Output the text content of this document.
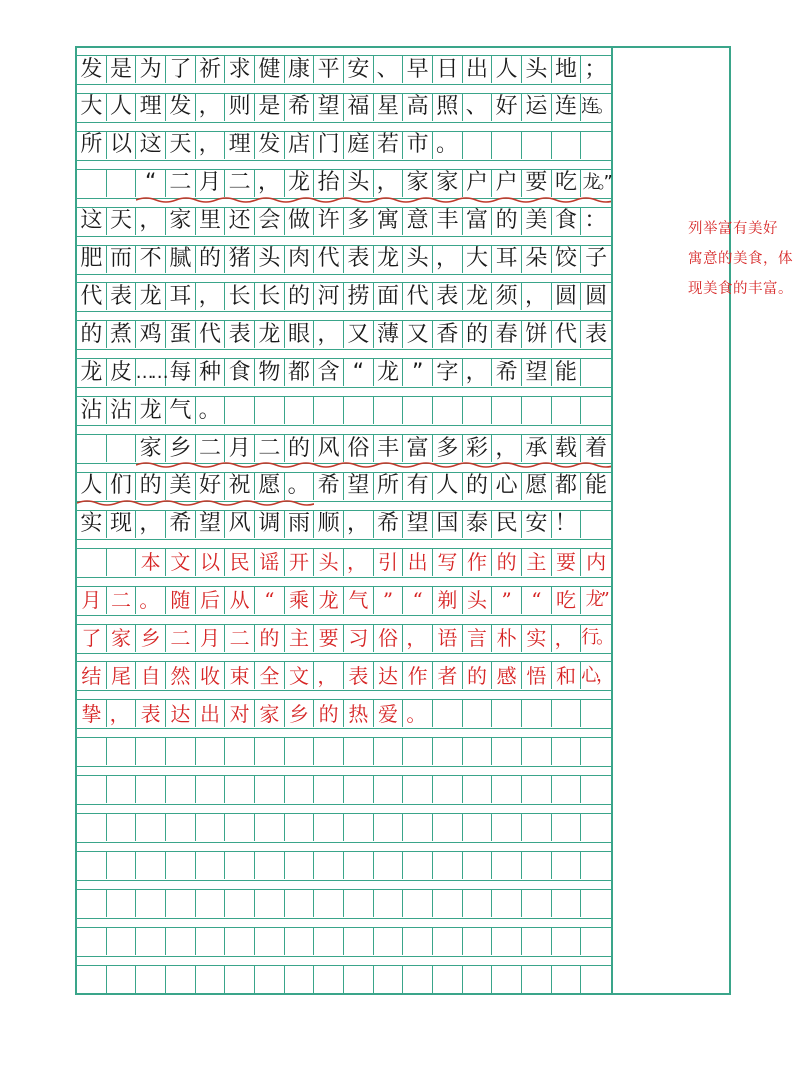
发 是 为 了 祈 求 健 康 平 安 、 早 日 出 人 头 地 ；
大 人 理 发 ， 则 是 希 望 福 星 高 照 、 好 运 连 连。
所 以 这 天 ， 理 发 店 门 庭 若 市 。
“ 二 月 二 ， 龙 抬 头 ， 家 家 户 户 要 吃 龙。”
这 天 ， 家 里 还 会 做 许 多 寓 意 丰 富 的 美 食 ：
肥 而 不 腻 的 猪 头 肉 代 表 龙 头 ， 大 耳 朵 饺 子
代 表 龙 耳 ， 长 长 的 河 捞 面 代 表 龙 须 ， 圆 圆
的 煮 鸡 蛋 代 表 龙 眼 ， 又 薄 又 香 的 春 饼 代 表
龙 皮 …… 每 种 食 物 都 含 “ 龙 ” 字 ， 希 望 能
沾 沾 龙 气 。
家 乡 二 月 二 的 风 俗 丰 富 多 彩 ， 承 载 着
人 们 的 美 好 祝 愿 。 希 望 所 有 人 的 心 愿 都 能
实 现 ， 希 望 风 调 雨 顺 ， 希 望 国 泰 民 安 ！
本 文 以 民 谣 开 头 ， 引 出 写 作 的 主 要 内
月 二 。 随 后 从 “ 乘 龙 气 ” “ 剃 头 ” “ 吃 龙”
了 家 乡 二 月 二 的 主 要 习 俗 ， 语 言 朴 实 ， 行。
结 尾 自 然 收 束 全 文 ， 表 达 作 者 的 感 悟 和 心，
挚 ， 表 达 出 对 家 乡 的 热 爱 。
列举富有美好
寓意的美食，体
现美食的丰富。
